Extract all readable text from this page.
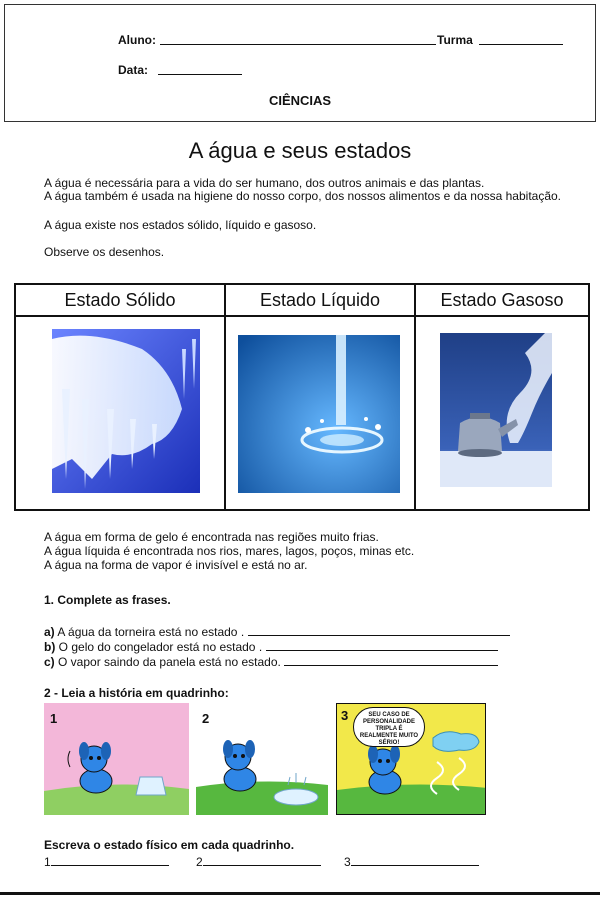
Aluno:	Turma
Data:
CIÊNCIAS
A água e seus estados
A água é necessária para a vida do ser humano, dos outros animais e das plantas.
A água também é usada na higiene do nosso corpo, dos nossos alimentos e da nossa habitação.
A água existe nos estados sólido, líquido e gasoso.
Observe os desenhos.
Estado Sólido	Estado Líquido	Estado Gasoso
A água em forma de gelo é encontrada nas regiões muito frias.
A água líquida é encontrada nos rios, mares, lagos, poços, minas etc.
A água na forma de vapor é invisível e está no ar.
1. Complete as frases.
a) A água da torneira está no estado .
b) O gelo do congelador está no estado .
c) O vapor saindo da panela está no estado.
2 - Leia a história em quadrinho:
1	2	3	SEU CASO DE PERSONALIDADE TRIPLA É REALMENTE MUITO SÉRIO!
Escreva o estado físico em cada quadrinho.
1	2	3
